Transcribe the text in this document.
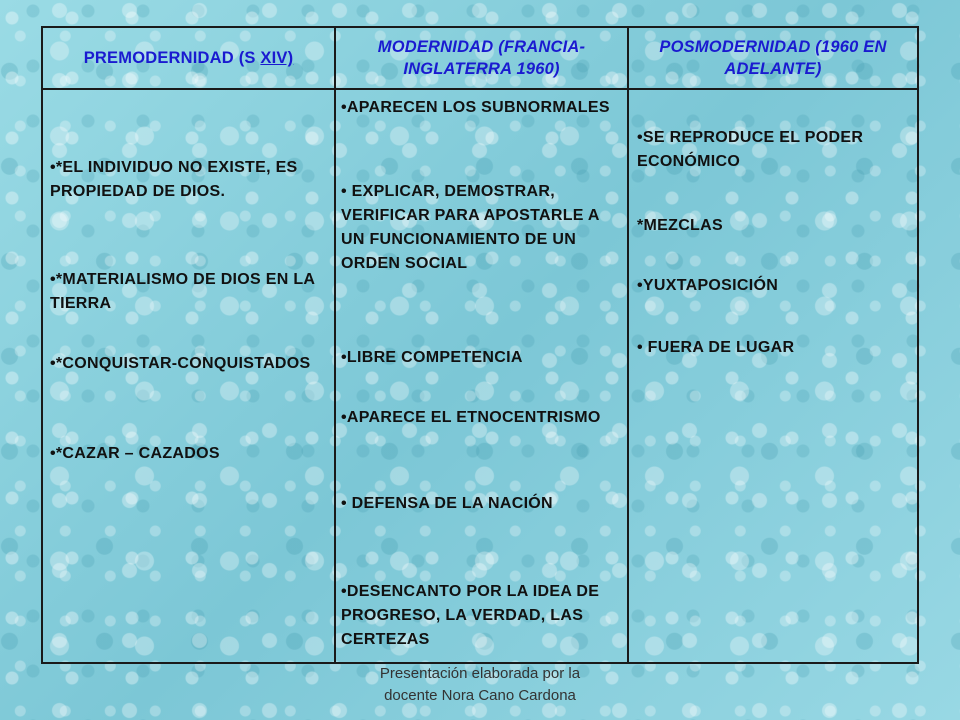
PREMODERNIDAD (S XIV)
MODERNIDAD (FRANCIA-INGLATERRA 1960)
POSMODERNIDAD (1960 EN ADELANTE)
•*EL INDIVIDUO NO EXISTE, ES PROPIEDAD DE DIOS.
•*MATERIALISMO DE DIOS EN LA TIERRA
•*CONQUISTAR-CONQUISTADOS
•*CAZAR – CAZADOS
•APARECEN LOS SUBNORMALES
• EXPLICAR, DEMOSTRAR, VERIFICAR PARA APOSTARLE A UN FUNCIONAMIENTO DE UN ORDEN SOCIAL
•LIBRE COMPETENCIA
•APARECE EL ETNOCENTRISMO
• DEFENSA DE LA NACIÓN
•DESENCANTO POR LA IDEA DE PROGRESO, LA VERDAD, LAS CERTEZAS
•SE REPRODUCE EL PODER ECONÓMICO
*MEZCLAS
•YUXTAPOSICIÓN
• FUERA DE LUGAR
Presentación elaborada por la
docente Nora Cano Cardona
